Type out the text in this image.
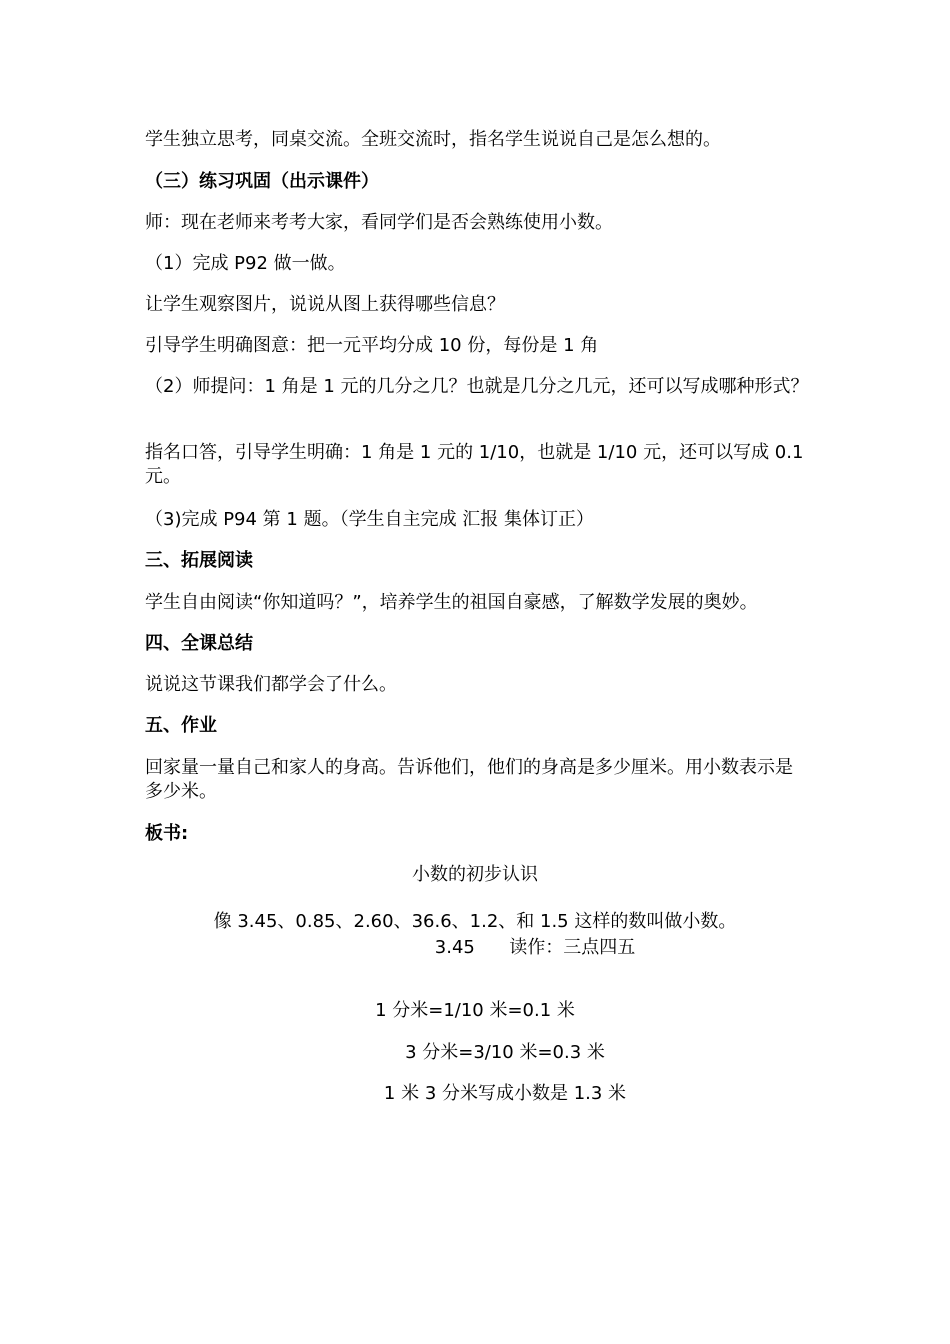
学生独立思考，同桌交流。全班交流时，指名学生说说自己是怎么想的。
（三）练习巩固（出示课件）
师：现在老师来考考大家，看同学们是否会熟练使用小数。
（1）完成 P92 做一做。
让学生观察图片，说说从图上获得哪些信息？
引导学生明确图意：把一元平均分成 10 份，每份是 1 角
（2）师提问：1 角是 1 元的几分之几？也就是几分之几元，还可以写成哪种形式？
指名口答，引导学生明确：1 角是 1 元的 1/10，也就是 1/10 元，还可以写成 0.1 元。
（3)完成 P94 第 1 题。（学生自主完成 汇报 集体订正）
三、拓展阅读
学生自由阅读“你知道吗？”，培养学生的祖国自豪感，了解数学发展的奥妙。
四、全课总结
说说这节课我们都学会了什么。
五、作业
回家量一量自己和家人的身高。告诉他们，他们的身高是多少厘米。用小数表示是多少米。
板书:
小数的初步认识
像 3.45、0.85、2.60、36.6、1.2、和 1.5 这样的数叫做小数。
3.45      读作：三点四五
1 分米=1/10 米=0.1 米
3 分米=3/10 米=0.3 米
1 米 3 分米写成小数是 1.3 米
